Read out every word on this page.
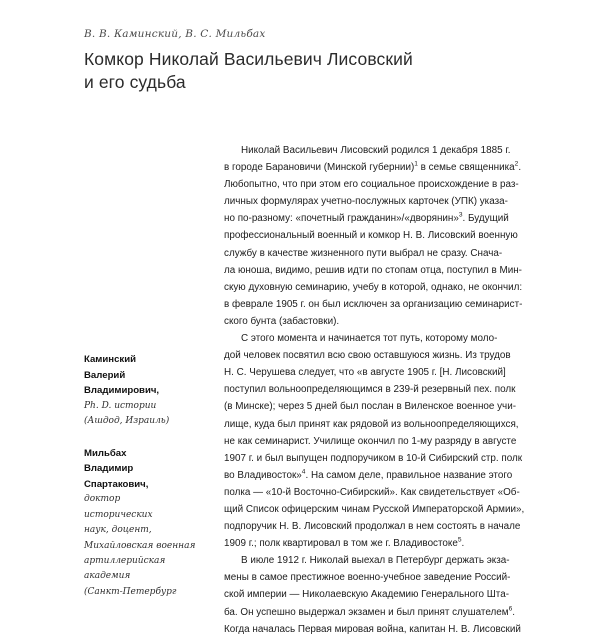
В. В. Каминский, В. С. Мильбах
Комкор Николай Васильевич Лисовский
и его судьба
Каминский
Валерий
Владимирович,
Ph. D. истории
(Ашдод, Израиль)
Мильбах
Владимир
Спартакович,
доктор
исторических
наук, доцент,
Михайловская военная
артиллерийская
академия
(Санкт-Петербург

Николай Васильевич Лисовский родился 1 декабря 1885 г.
в городе Барановичи (Минской губернии)$^1$ в семье священника$^2$.
Любопытно, что при этом его социальное происхождение в раз-
личных формулярах учетно-послужных карточек (УПК) указа-
но по-разному: «почетный гражданин»/«дворянин»$^3$. Будущий
профессиональный военный и комкор Н. В. Лисовский военную
службу в качестве жизненного пути выбрал не сразу. Снача-
ла юноша, видимо, решив идти по стопам отца, поступил в Мин-
скую духовную семинарию, учебу в которой, однако, не окончил:
в феврале 1905 г. он был исключен за организацию семинарист-
ского бунта (забастовки).

С этого момента и начинается тот путь, которому моло-
дой человек посвятил всю свою оставшуюся жизнь. Из трудов
Н. С. Черушева следует, что «в августе 1905 г. [Н. Лисовский]
поступил вольноопределяющимся в 239-й резервный пех. полк
(в Минске); через 5 дней был послан в Виленское военное учи-
лище, куда был принят как рядовой из вольноопределяющихся,
не как семинарист. Училище окончил по 1-му разряду в августе
1907 г. и был выпущен подпоручиком в 10-й Сибирский стр. полк
во Владивосток»$^4$. На самом деле, правильное название этого
полка — «10-й Восточно-Сибирский». Как свидетельствует «Об-
щий Список офицерским чинам Русской Императорской Армии»,
подпоручик Н. В. Лисовский продолжал в нем состоять в начале
1909 г.; полк квартировал в том же г. Владивостоке$^5$.

В июле 1912 г. Николай выехал в Петербург держать экза-
мены в самое престижное военно-учебное заведение Россий-
ской империи — Николаевскую Академию Генерального Шта-
ба. Он успешно выдержал экзамен и был принят слушателем$^6$.
Когда началась Первая мировая война, капитан Н. В. Лисовский
